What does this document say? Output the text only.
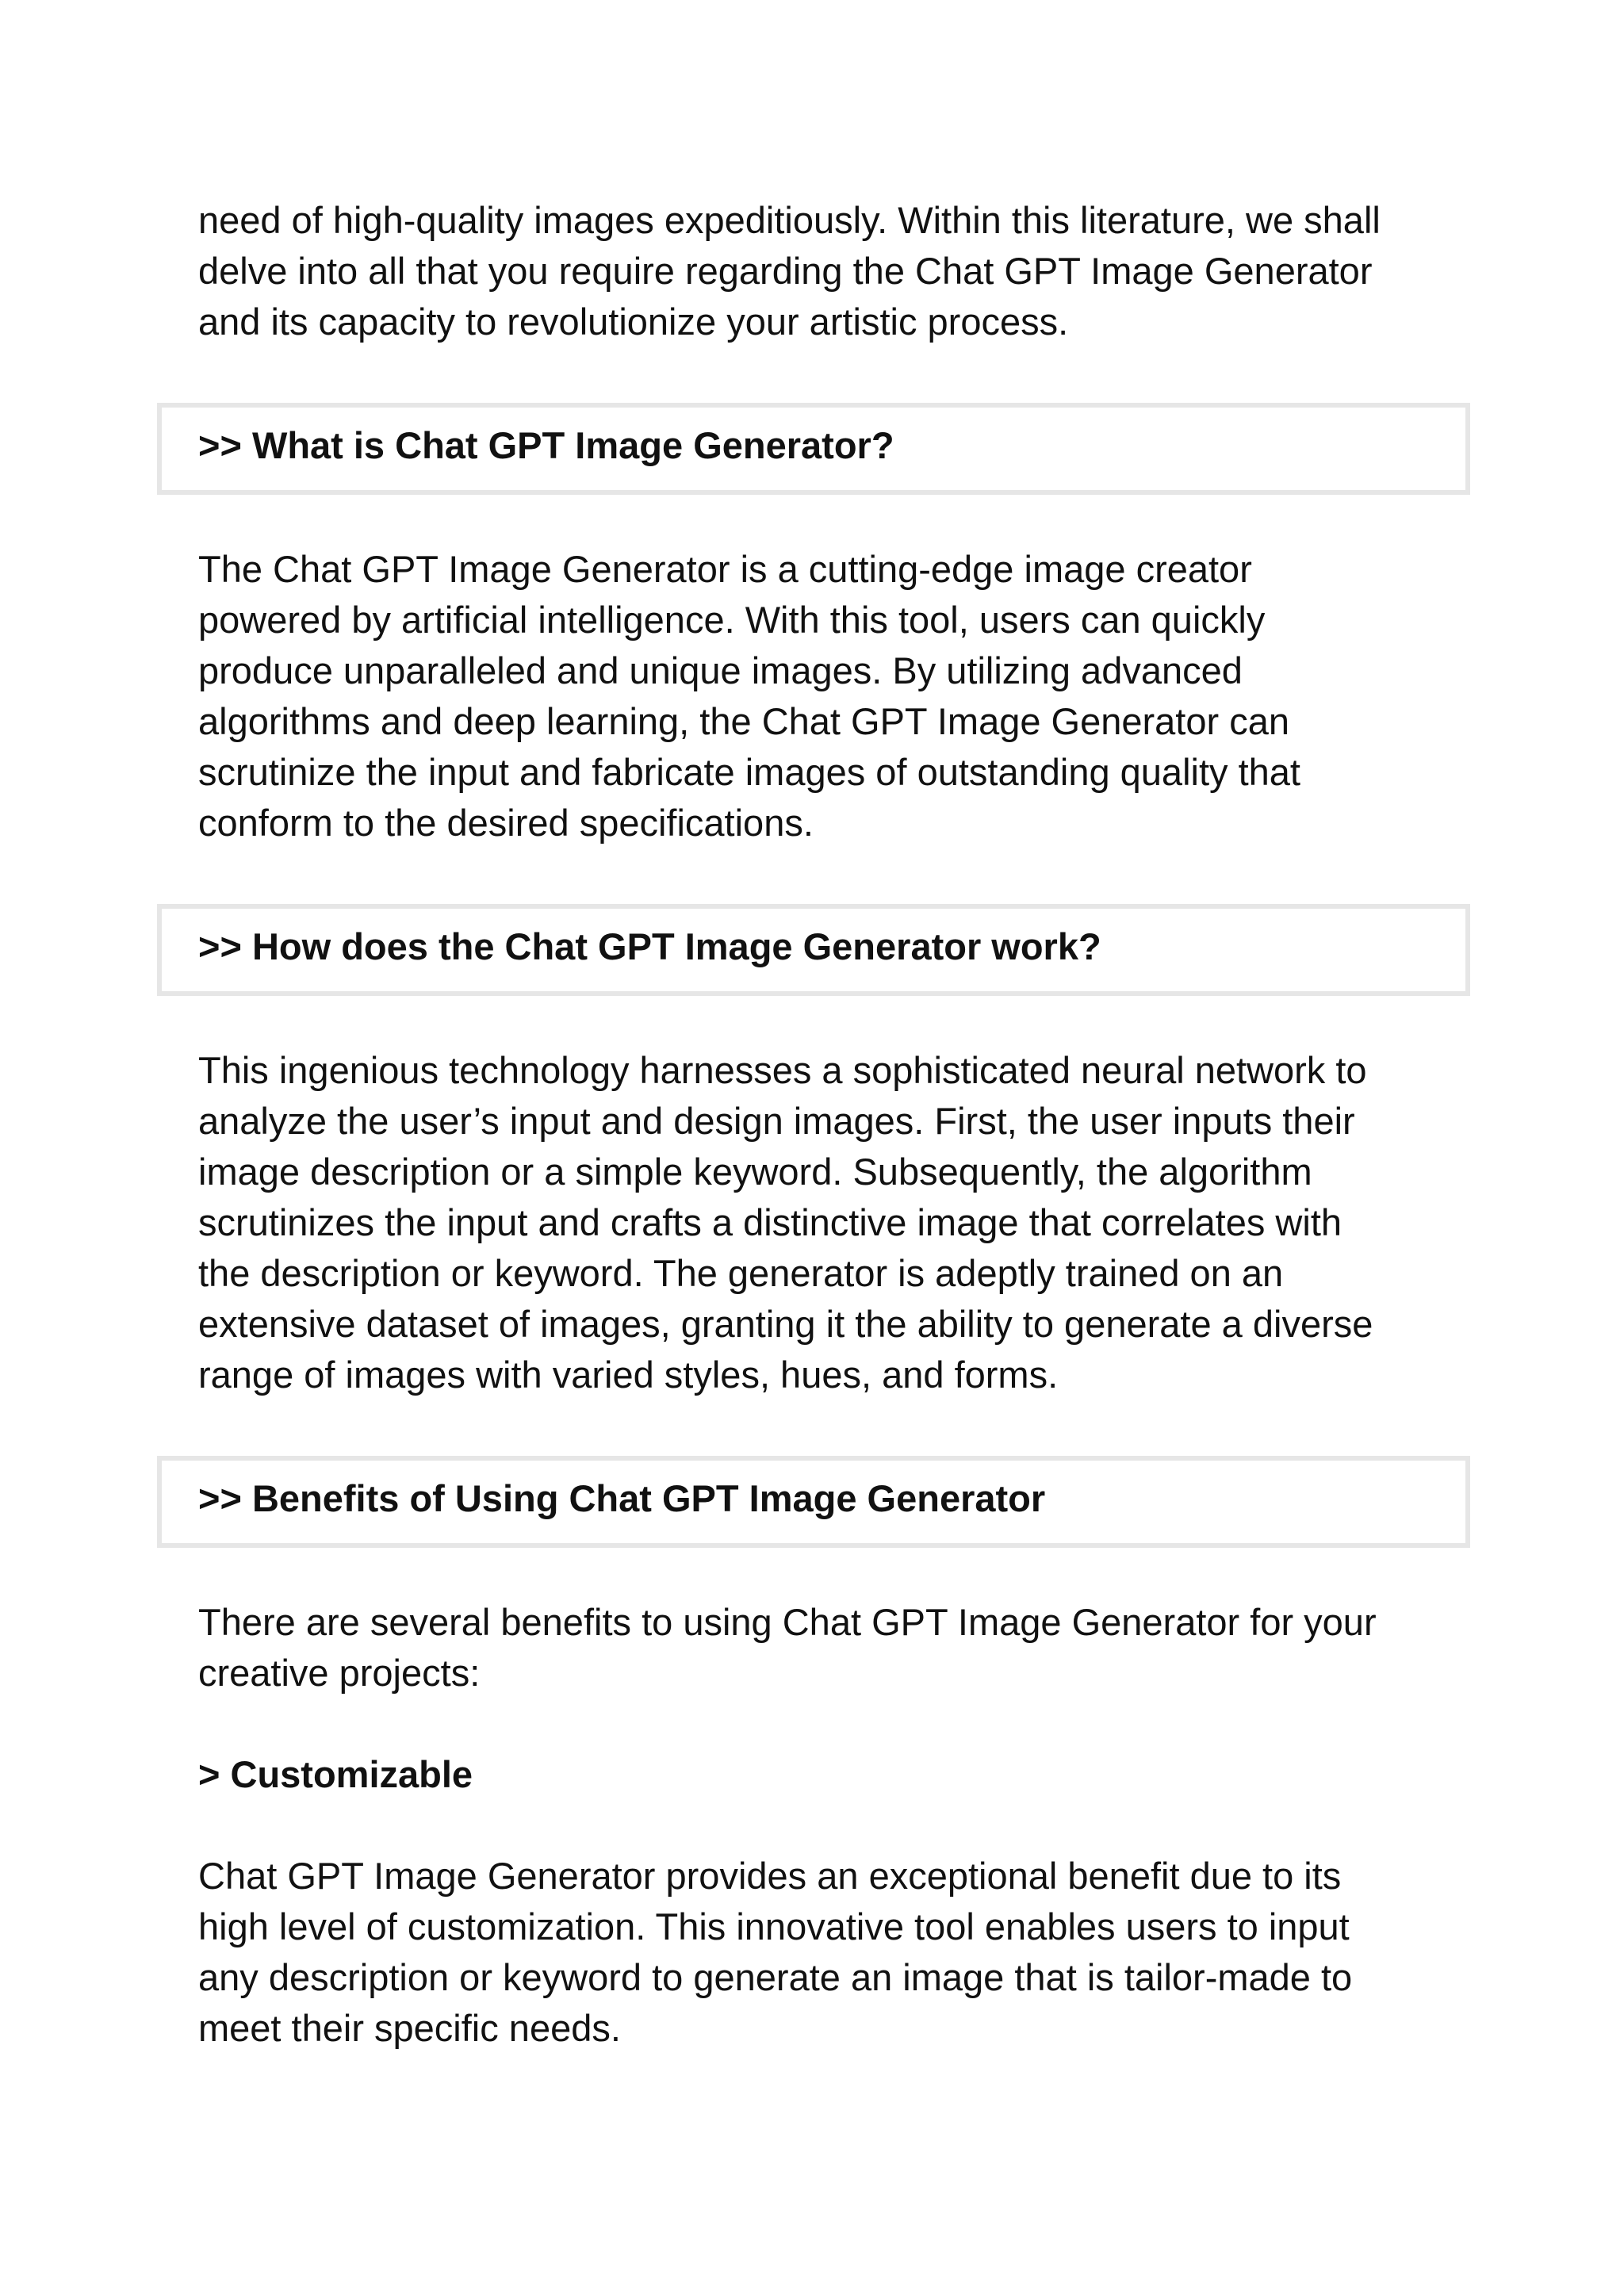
need of high-quality images expeditiously. Within this literature, we shall
delve into all that you require regarding the Chat GPT Image Generator
and its capacity to revolutionize your artistic process.

>> What is Chat GPT Image Generator?

The Chat GPT Image Generator is a cutting-edge image creator
powered by artificial intelligence. With this tool, users can quickly
produce unparalleled and unique images. By utilizing advanced
algorithms and deep learning, the Chat GPT Image Generator can
scrutinize the input and fabricate images of outstanding quality that
conform to the desired specifications.

>> How does the Chat GPT Image Generator work?

This ingenious technology harnesses a sophisticated neural network to
analyze the user’s input and design images. First, the user inputs their
image description or a simple keyword. Subsequently, the algorithm
scrutinizes the input and crafts a distinctive image that correlates with
the description or keyword. The generator is adeptly trained on an
extensive dataset of images, granting it the ability to generate a diverse
range of images with varied styles, hues, and forms.

>> Benefits of Using Chat GPT Image Generator

There are several benefits to using Chat GPT Image Generator for your
creative projects:

> Customizable

Chat GPT Image Generator provides an exceptional benefit due to its
high level of customization. This innovative tool enables users to input
any description or keyword to generate an image that is tailor-made to
meet their specific needs.
